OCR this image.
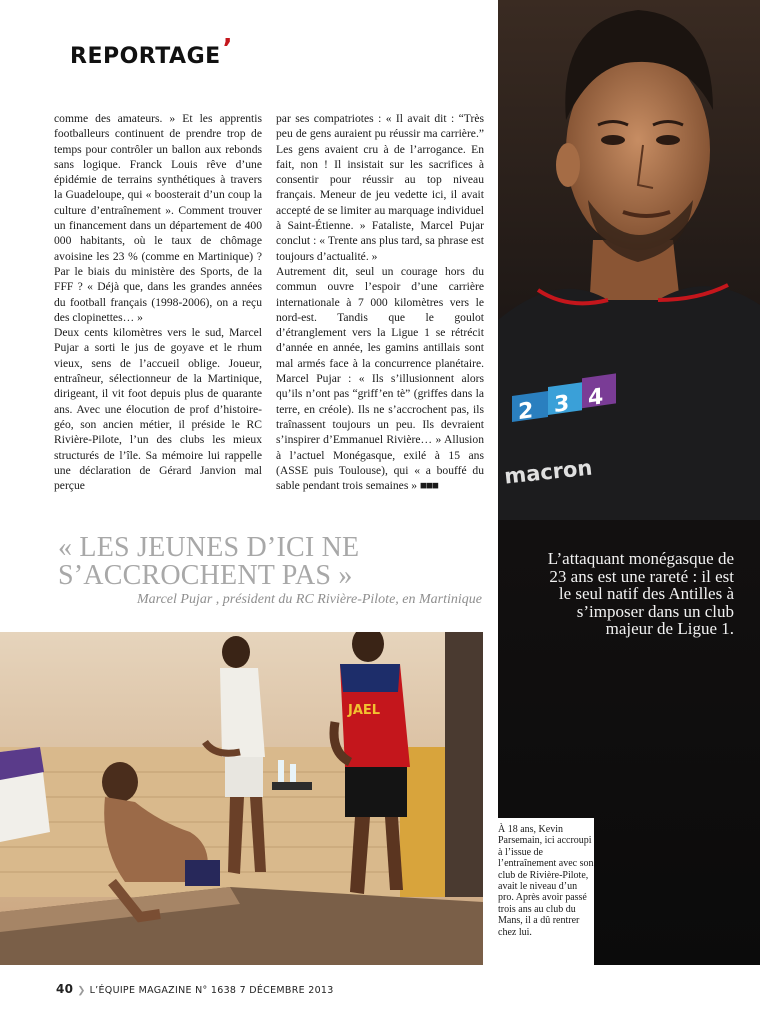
REPORTAGE’

comme des amateurs. » Et les apprentis footballeurs continuent de prendre trop de temps pour contrôler un ballon aux rebonds sans logique. Franck Louis rêve d’une épidémie de terrains synthétiques à travers la Guadeloupe, qui « boosterait d’un coup la culture d’entraînement ». Comment trouver un financement dans un département de 400 000 habitants, où le taux de chômage avoisine les 23 % (comme en Martinique) ? Par le biais du ministère des Sports, de la FFF ? « Déjà que, dans les grandes années du football français (1998-2006), on a reçu des clopinettes… »

Deux cents kilomètres vers le sud, Marcel Pujar a sorti le jus de goyave et le rhum vieux, sens de l’accueil oblige. Joueur, entraîneur, sélectionneur de la Martinique, dirigeant, il vit foot depuis plus de quarante ans. Avec une élocution de prof d’histoire-géo, son ancien métier, il préside le RC Rivière-Pilote, l’un des clubs les mieux structurés de l’île. Sa mémoire lui rappelle une déclaration de Gérard Janvion mal perçue

par ses compatriotes : « Il avait dit : “Très peu de gens auraient pu réussir ma carrière.” Les gens avaient cru à de l’arrogance. En fait, non ! Il insistait sur les sacrifices à consentir pour réussir au top niveau français. Meneur de jeu vedette ici, il avait accepté de se limiter au marquage individuel à Saint-Étienne. » Fataliste, Marcel Pujar conclut : « Trente ans plus tard, sa phrase est toujours d’actualité. »

Autrement dit, seul un courage hors du commun ouvre l’espoir d’une carrière internationale à 7 000 kilomètres vers le nord-est. Tandis que le goulot d’étranglement vers la Ligue 1 se rétrécit d’année en année, les gamins antillais sont mal armés face à la concurrence planétaire. Marcel Pujar : « Ils s’illusionnent alors qu’ils n’ont pas “griff’en tè” (griffes dans la terre, en créole). Ils ne s’accrochent pas, ils traînassent toujours un peu. Ils devraient s’inspirer d’Emmanuel Rivière… » Allusion à l’actuel Monégasque, exilé à 15 ans (ASSE puis Toulouse), qui « a bouffé du sable pendant trois semaines » ■■■

« LES JEUNES D’ICI NE S’ACCROCHENT PAS »
Marcel Pujar , président du RC Rivière-Pilote, en Martinique
2 3 4
macron
L’attaquant monégasque de 23 ans est une rareté : il est le seul natif des Antilles à s’imposer dans un club majeur de Ligue 1.
JAEL
À 18 ans, Kevin Parsemain, ici accroupi à l’issue de l’entraînement avec son club de Rivière-Pilote, avait le niveau d’un pro. Après avoir passé trois ans au club du Mans, il a dû rentrer chez lui.
40 ❯ L’ÉQUIPE MAGAZINE N° 1638 7 DÉCEMBRE 2013
